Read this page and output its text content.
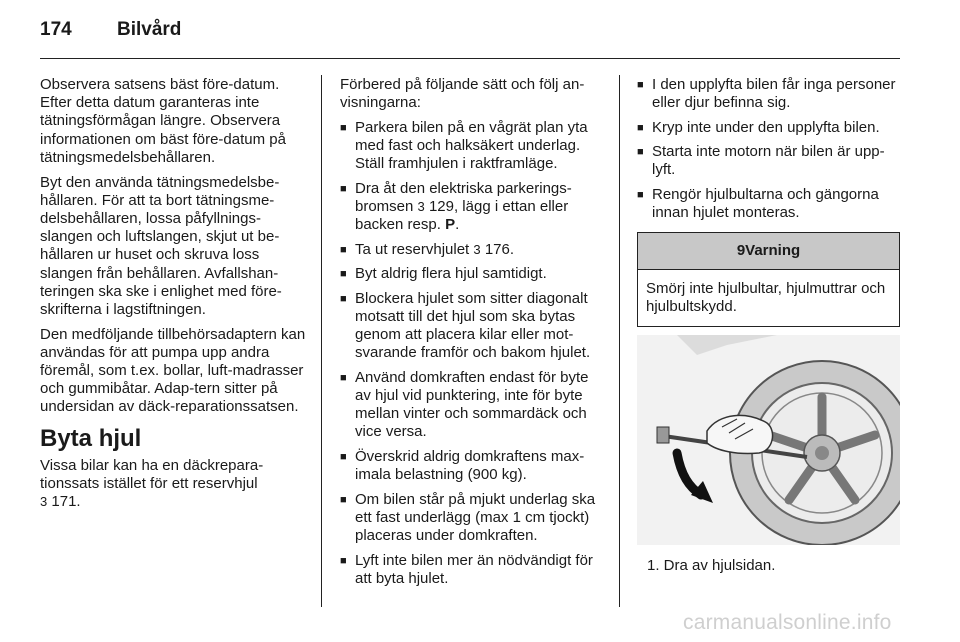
174 Bilvård

Observera satsens bäst före-datum. Efter detta datum garanteras inte tätningsförmågan längre. Observera informationen om bäst före-datum på tätningsmedelsbehållaren.

Byt den använda tätningsmedelsbe-hållaren. För att ta bort tätningsme-delsbehållaren, lossa påfyllnings-slangen och luftslangen, skjut ut be-hållaren ur huset och skruva loss slangen från behållaren. Avfallshan-teringen ska ske i enlighet med före-skrifterna i lagstiftningen.

Den medföljande tillbehörsadaptern kan användas för att pumpa upp andra föremål, som t.ex. bollar, luft-madrasser och gummibåtar. Adap-tern sitter på undersidan av däck-reparationssatsen.

Byta hjul

Vissa bilar kan ha en däckrepara-tionssats istället för ett reservhjul
3 171.

Förbered på följande sätt och följ an-visningarna:

■ Parkera bilen på en vågrät plan yta med fast och halksäkert underlag. Ställ framhjulen i raktframläge.
■ Dra åt den elektriska parkerings-bromsen 3 129, lägg i ettan eller backen resp. P.
■ Ta ut reservhjulet 3 176.
■ Byt aldrig flera hjul samtidigt.
■ Blockera hjulet som sitter diagonalt motsatt till det hjul som ska bytas genom att placera kilar eller mot-svarande framför och bakom hjulet.
■ Använd domkraften endast för byte av hjul vid punktering, inte för byte mellan vinter och sommardäck och vice versa.
■ Överskrid aldrig domkraftens max-imala belastning (900 kg).
■ Om bilen står på mjukt underlag ska ett fast underlägg (max 1 cm tjockt) placeras under domkraften.
■ Lyft inte bilen mer än nödvändigt för att byta hjulet.
■ I den upplyfta bilen får inga personer eller djur befinna sig.
■ Kryp inte under den upplyfta bilen.
■ Starta inte motorn när bilen är upp-lyft.
■ Rengör hjulbultarna och gängorna innan hjulet monteras.
9Varning
Smörj inte hjulbultar, hjulmuttrar och hjulbultskydd.
1. Dra av hjulsidan.
carmanualsonline.info
